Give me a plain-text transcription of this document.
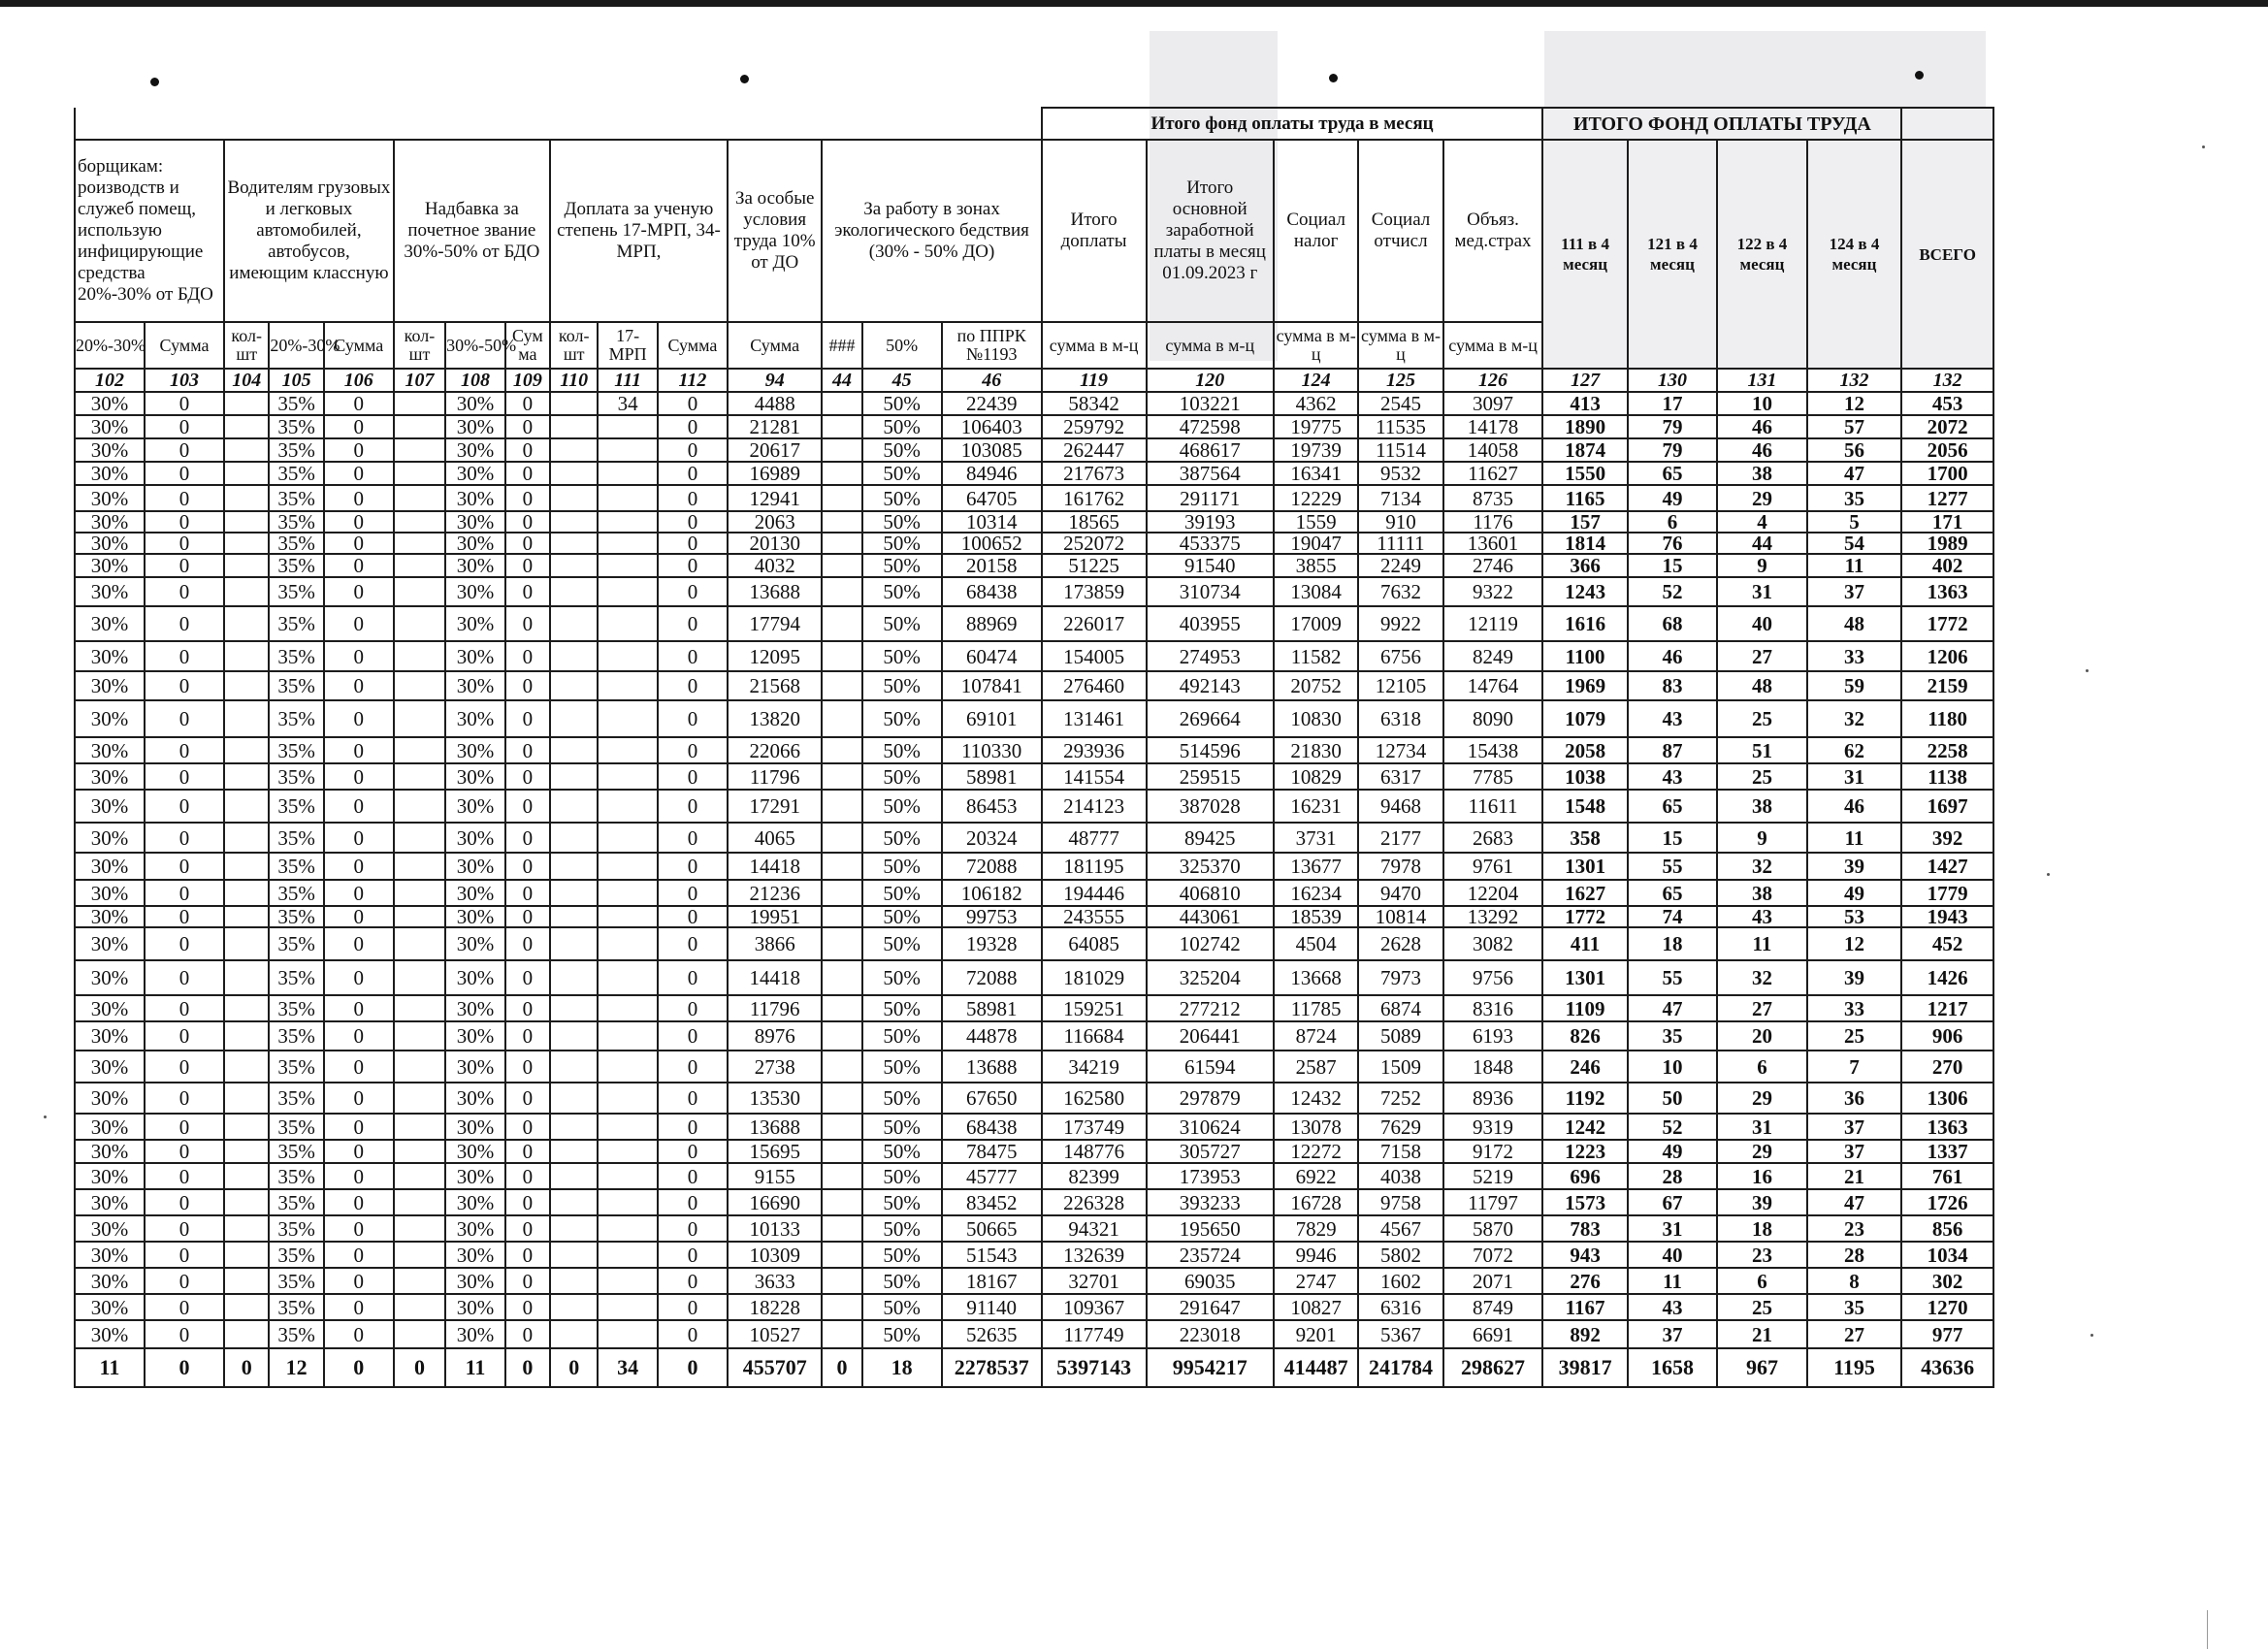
															Итого фонд оплаты труда в месяц					ИТОГО ФОНД ОПЛАТЫ ТРУДА				
борщикам: роизводств и служеб помещ, использую инфицирующие средства 20%-30% от БДО		Водителям грузовых и легковых автомобилей, автобусов, имеющим классную			Надбавка за почетное звание 30%-50% от БДО			Доплата за ученую степень 17-МРП, 34-МРП,			За особые условия труда 10% от ДО	За работу в зонах экологического бедствия (30% - 50% ДО)			Итого доплаты	Итого основной заработной платы в месяц 01.09.2023 г	Социал налог	Социал отчисл	Объяз. мед.страх	111 в 4 месяц	121 в 4 месяц	122 в 4 месяц	124 в 4 месяц	ВСЕГО
20%-30%	Сумма	кол-шт	20%-30%	Сумма	кол-шт	30%-50%	Сум ма	кол-шт	17-МРП	Сумма	Сумма	###	50%	по ППРК №1193	сумма в м-ц	сумма в м-ц	сумма в м-ц	сумма в м-ц	сумма в м-ц					
102	103	104	105	106	107	108	109	110	111	112	94	44	45	46	119	120	124	125	126	127	130	131	132	132
30%	0		35%	0		30%	0		34	0	4488		50%	22439	58342	103221	4362	2545	3097	413	17	10	12	453
30%	0		35%	0		30%	0			0	21281		50%	106403	259792	472598	19775	11535	14178	1890	79	46	57	2072
30%	0		35%	0		30%	0			0	20617		50%	103085	262447	468617	19739	11514	14058	1874	79	46	56	2056
30%	0		35%	0		30%	0			0	16989		50%	84946	217673	387564	16341	9532	11627	1550	65	38	47	1700
30%	0		35%	0		30%	0			0	12941		50%	64705	161762	291171	12229	7134	8735	1165	49	29	35	1277
30%	0		35%	0		30%	0			0	2063		50%	10314	18565	39193	1559	910	1176	157	6	4	5	171
30%	0		35%	0		30%	0			0	20130		50%	100652	252072	453375	19047	11111	13601	1814	76	44	54	1989
30%	0		35%	0		30%	0			0	4032		50%	20158	51225	91540	3855	2249	2746	366	15	9	11	402
30%	0		35%	0		30%	0			0	13688		50%	68438	173859	310734	13084	7632	9322	1243	52	31	37	1363
30%	0		35%	0		30%	0			0	17794		50%	88969	226017	403955	17009	9922	12119	1616	68	40	48	1772
30%	0		35%	0		30%	0			0	12095		50%	60474	154005	274953	11582	6756	8249	1100	46	27	33	1206
30%	0		35%	0		30%	0			0	21568		50%	107841	276460	492143	20752	12105	14764	1969	83	48	59	2159
30%	0		35%	0		30%	0			0	13820		50%	69101	131461	269664	10830	6318	8090	1079	43	25	32	1180
30%	0		35%	0		30%	0			0	22066		50%	110330	293936	514596	21830	12734	15438	2058	87	51	62	2258
30%	0		35%	0		30%	0			0	11796		50%	58981	141554	259515	10829	6317	7785	1038	43	25	31	1138
30%	0		35%	0		30%	0			0	17291		50%	86453	214123	387028	16231	9468	11611	1548	65	38	46	1697
30%	0		35%	0		30%	0			0	4065		50%	20324	48777	89425	3731	2177	2683	358	15	9	11	392
30%	0		35%	0		30%	0			0	14418		50%	72088	181195	325370	13677	7978	9761	1301	55	32	39	1427
30%	0		35%	0		30%	0			0	21236		50%	106182	194446	406810	16234	9470	12204	1627	65	38	49	1779
30%	0		35%	0		30%	0			0	19951		50%	99753	243555	443061	18539	10814	13292	1772	74	43	53	1943
30%	0		35%	0		30%	0			0	3866		50%	19328	64085	102742	4504	2628	3082	411	18	11	12	452
30%	0		35%	0		30%	0			0	14418		50%	72088	181029	325204	13668	7973	9756	1301	55	32	39	1426
30%	0		35%	0		30%	0			0	11796		50%	58981	159251	277212	11785	6874	8316	1109	47	27	33	1217
30%	0		35%	0		30%	0			0	8976		50%	44878	116684	206441	8724	5089	6193	826	35	20	25	906
30%	0		35%	0		30%	0			0	2738		50%	13688	34219	61594	2587	1509	1848	246	10	6	7	270
30%	0		35%	0		30%	0			0	13530		50%	67650	162580	297879	12432	7252	8936	1192	50	29	36	1306
30%	0		35%	0		30%	0			0	13688		50%	68438	173749	310624	13078	7629	9319	1242	52	31	37	1363
30%	0		35%	0		30%	0			0	15695		50%	78475	148776	305727	12272	7158	9172	1223	49	29	37	1337
30%	0		35%	0		30%	0			0	9155		50%	45777	82399	173953	6922	4038	5219	696	28	16	21	761
30%	0		35%	0		30%	0			0	16690		50%	83452	226328	393233	16728	9758	11797	1573	67	39	47	1726
30%	0		35%	0		30%	0			0	10133		50%	50665	94321	195650	7829	4567	5870	783	31	18	23	856
30%	0		35%	0		30%	0			0	10309		50%	51543	132639	235724	9946	5802	7072	943	40	23	28	1034
30%	0		35%	0		30%	0			0	3633		50%	18167	32701	69035	2747	1602	2071	276	11	6	8	302
30%	0		35%	0		30%	0			0	18228		50%	91140	109367	291647	10827	6316	8749	1167	43	25	35	1270
30%	0		35%	0		30%	0			0	10527		50%	52635	117749	223018	9201	5367	6691	892	37	21	27	977
11	0	0	12	0	0	11	0	0	34	0	455707	0	18	2278537	5397143	9954217	414487	241784	298627	39817	1658	967	1195	43636
